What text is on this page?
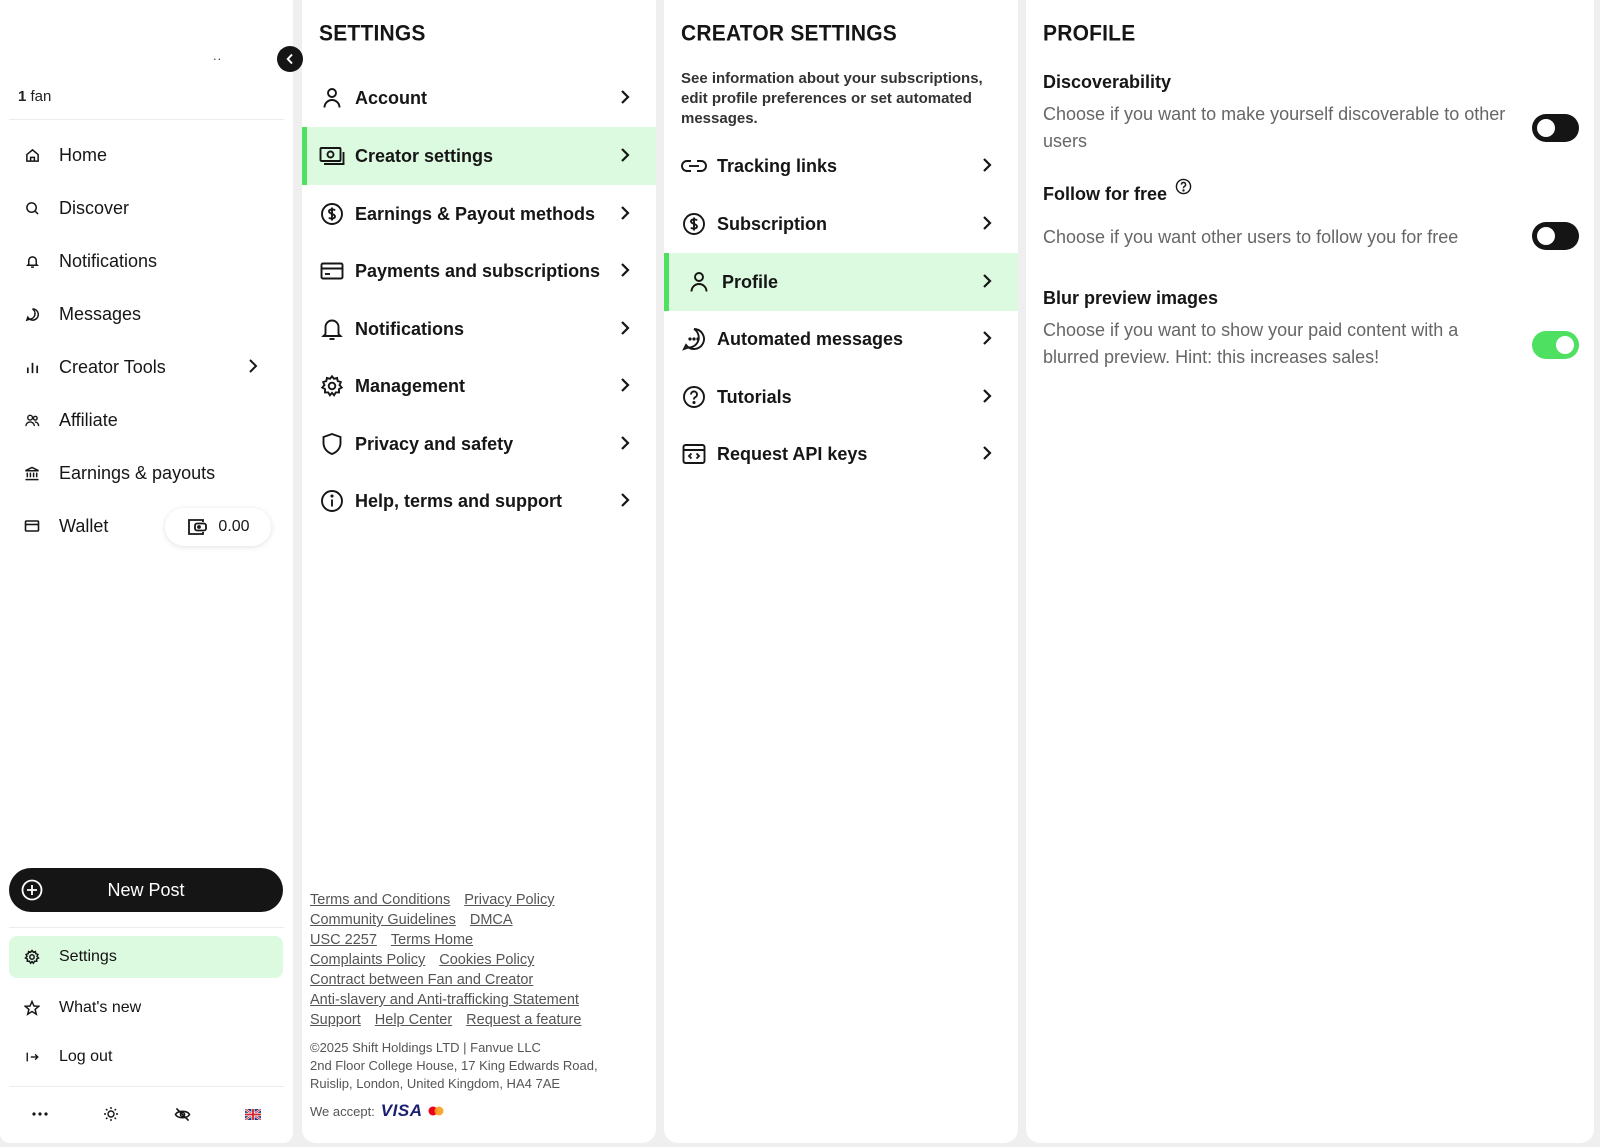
..
1 fan
Home
Discover
Notifications
Messages
Creator Tools
Affiliate
Earnings & payouts
Wallet	0.00
New Post
Settings
What's new
Log out
SETTINGS
Account
Creator settings
Earnings & Payout methods
Payments and subscriptions
Notifications
Management
Privacy and safety
Help, terms and support
Terms and Conditions Privacy Policy
Community Guidelines DMCA
USC 2257 Terms Home
Complaints Policy Cookies Policy
Contract between Fan and Creator
Anti-slavery and Anti-trafficking Statement
Support Help Center Request a feature
©2025 Shift Holdings LTD | Fanvue LLC
2nd Floor College House, 17 King Edwards Road,
Ruislip, London, United Kingdom, HA4 7AE
We accept: VISA
CREATOR SETTINGS
See information about your subscriptions, edit profile preferences or set automated messages.
Tracking links
Subscription
Profile
Automated messages
Tutorials
Request API keys
PROFILE
Discoverability
Choose if you want to make yourself discoverable to other users
Follow for free
Choose if you want other users to follow you for free
Blur preview images
Choose if you want to show your paid content with a blurred preview. Hint: this increases sales!
